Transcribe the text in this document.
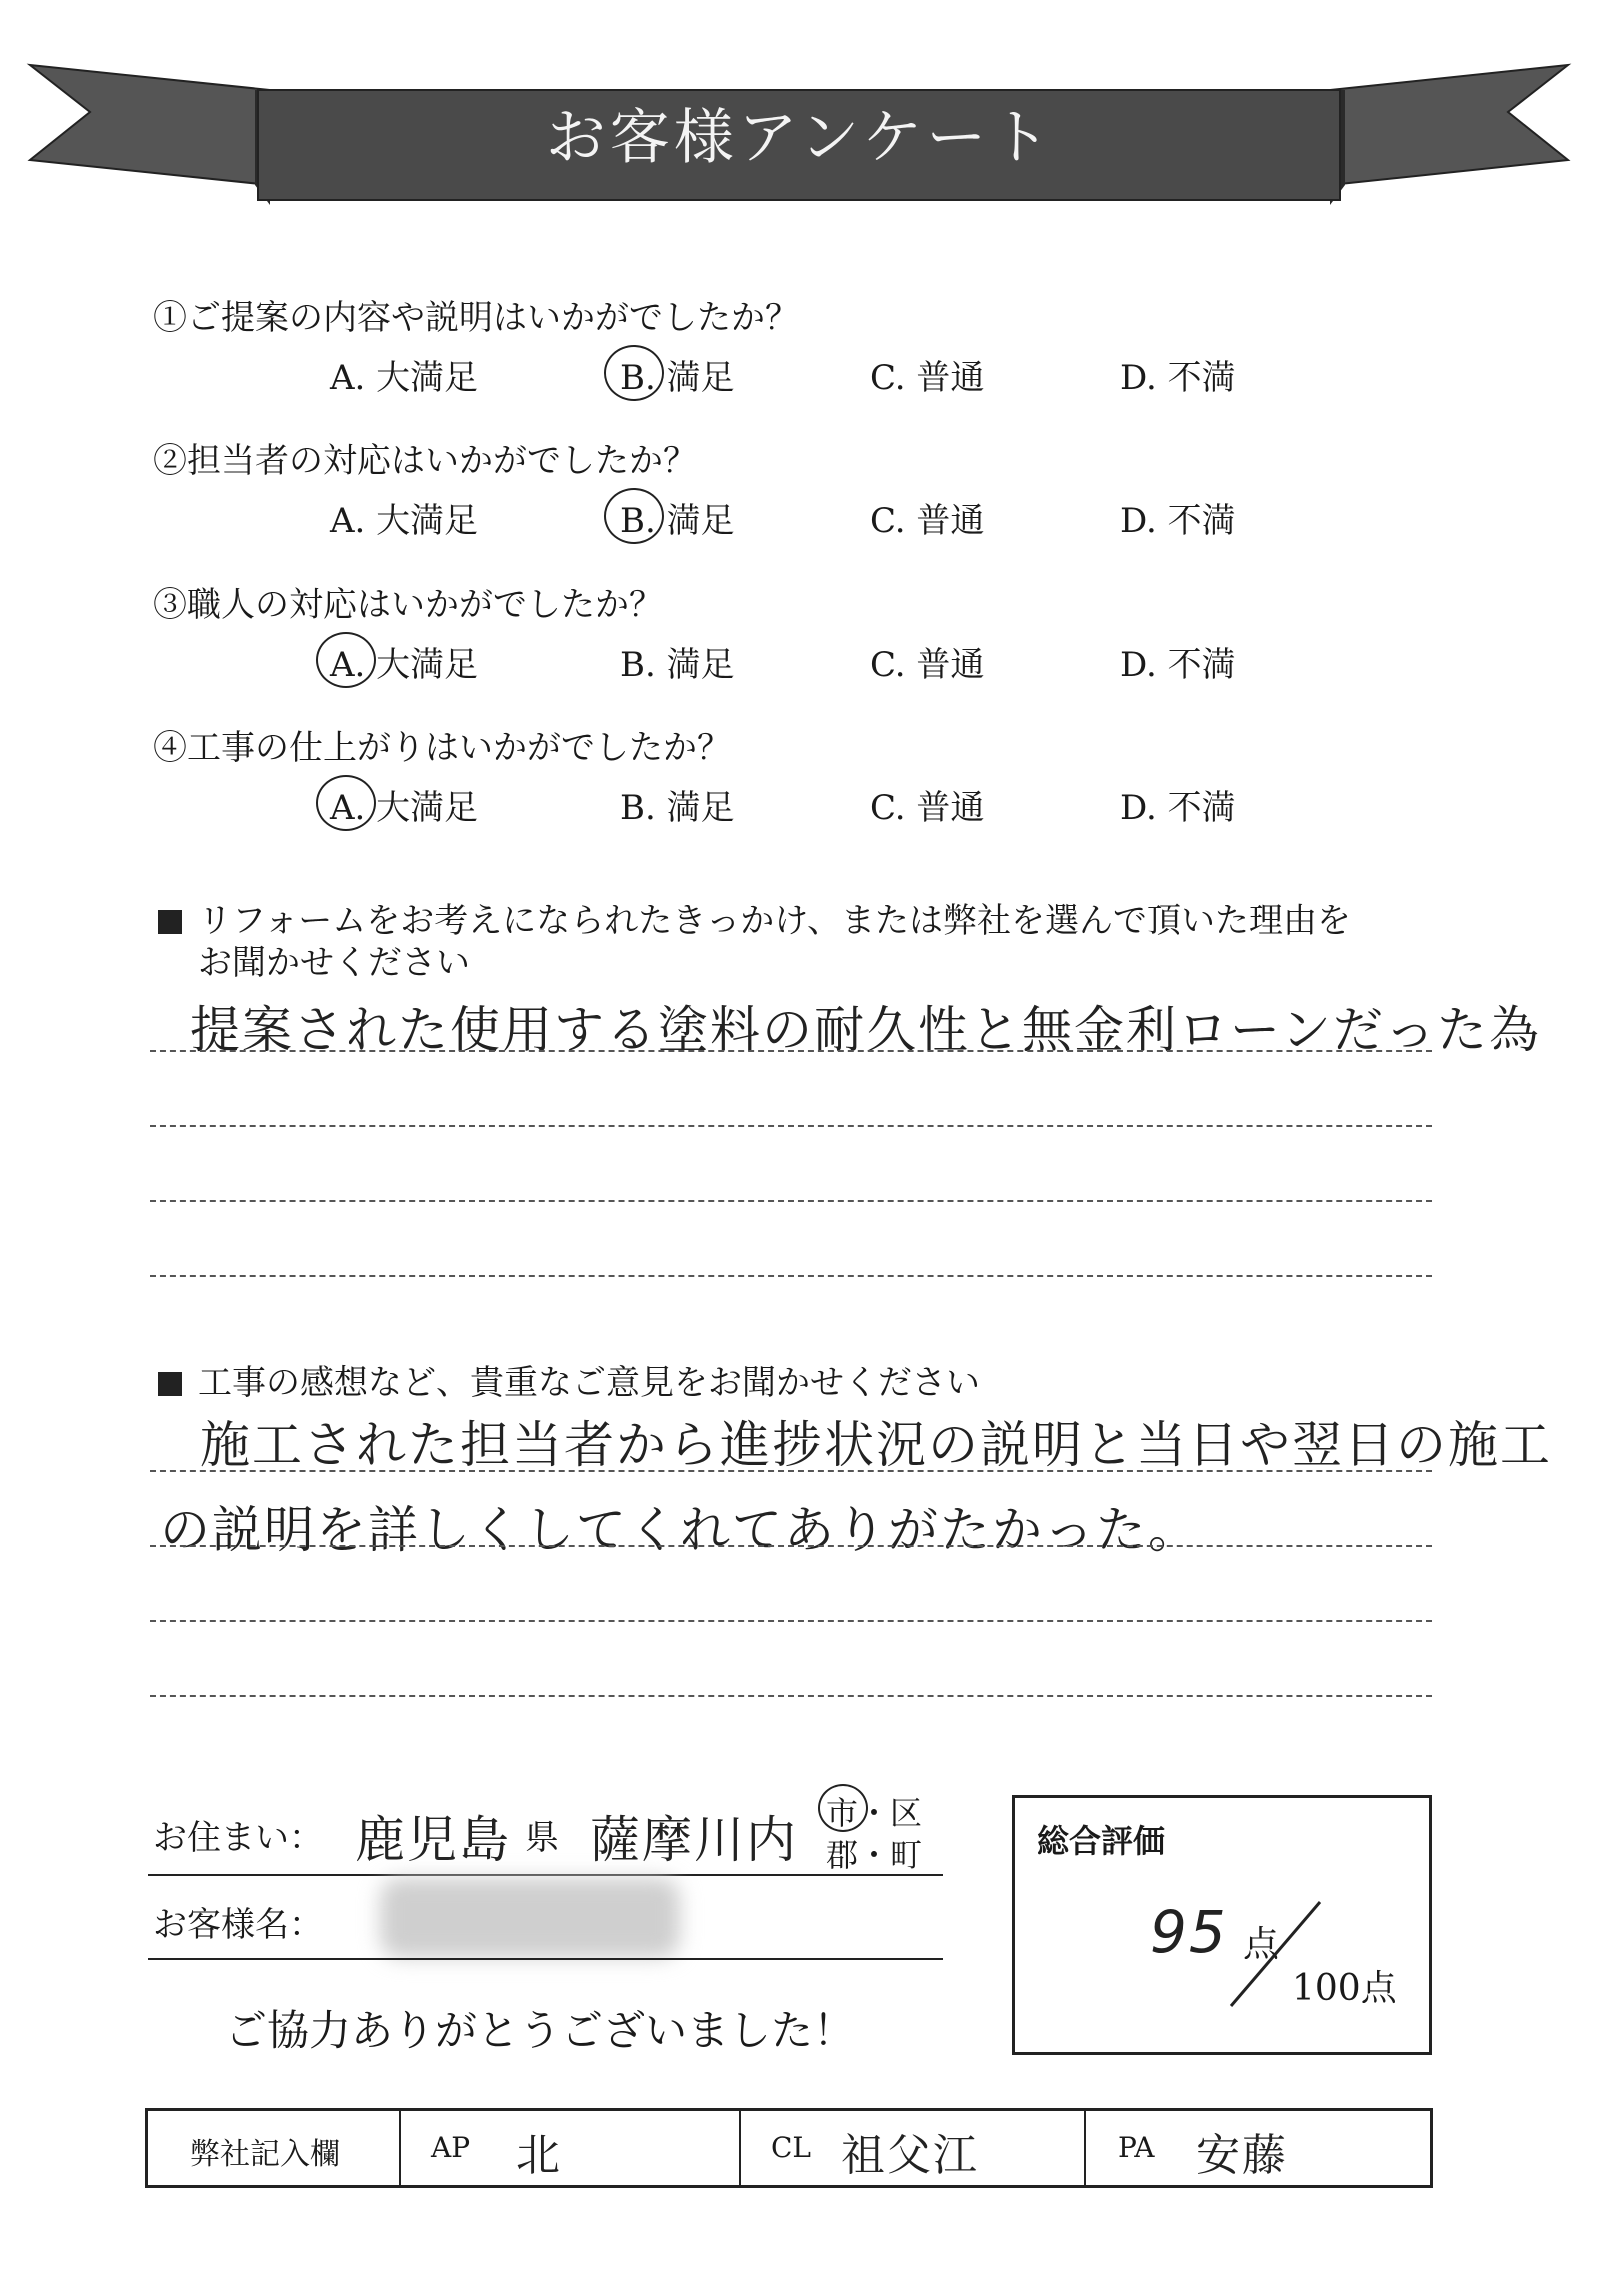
お客様アンケート
①ご提案の内容や説明はいかがでしたか？
A. 大満足	B. 満足	C. 普通	D. 不満
②担当者の対応はいかがでしたか？
A. 大満足	B. 満足	C. 普通	D. 不満
③職人の対応はいかがでしたか？
A. 大満足	B. 満足	C. 普通	D. 不満
④工事の仕上がりはいかがでしたか？
A. 大満足	B. 満足	C. 普通	D. 不満
リフォームをお考えになられたきっかけ、または弊社を選んで頂いた理由を
お聞かせください
提案された使用する塗料の耐久性と無金利ローンだった為
工事の感想など、貴重なご意見をお聞かせください
施工された担当者から進捗状況の説明と当日や翌日の施工
の説明を詳しくしてくれてありがたかった。
お住まい： 鹿児島 県 薩摩川内 市 ・区
郡 ・町
お客様名：
ご協力ありがとうございました！
総合評価
95 点
100点
弊社記入欄	AP 北	CL 祖父江	PA 安藤
